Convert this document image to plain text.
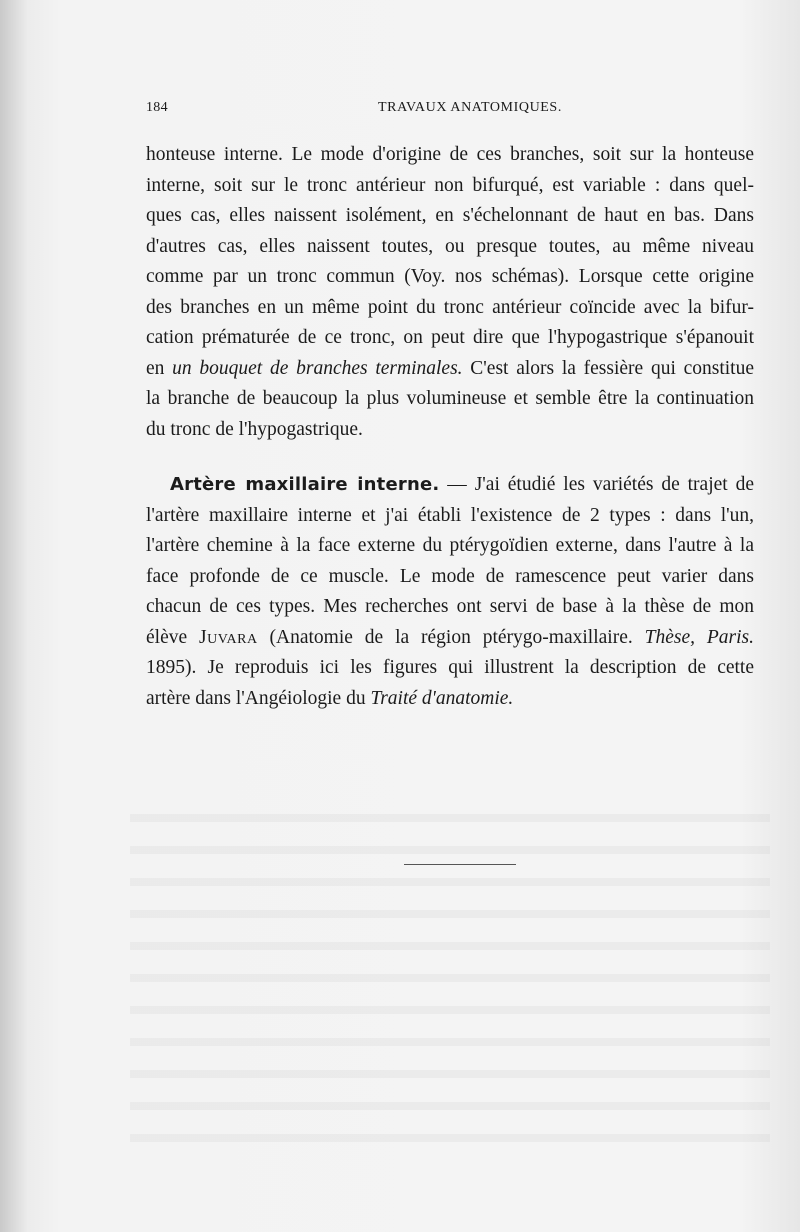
184	TRAVAUX ANATOMIQUES.
honteuse interne. Le mode d'origine de ces branches, soit sur la honteuse
interne, soit sur le tronc antérieur non bifurqué, est variable : dans quel-
ques cas, elles naissent isolément, en s'échelonnant de haut en bas. Dans
d'autres cas, elles naissent toutes, ou presque toutes, au même niveau
comme par un tronc commun (Voy. nos schémas). Lorsque cette origine
des branches en un même point du tronc antérieur coïncide avec la bifur-
cation prématurée de ce tronc, on peut dire que l'hypogastrique s'épanouit
en un bouquet de branches terminales. C'est alors la fessière qui constitue
la branche de beaucoup la plus volumineuse et semble être la continuation
du tronc de l'hypogastrique.
Artère maxillaire interne. — J'ai étudié les variétés de trajet de
l'artère maxillaire interne et j'ai établi l'existence de 2 types : dans l'un,
l'artère chemine à la face externe du ptérygoïdien externe, dans l'autre à la
face profonde de ce muscle. Le mode de ramescence peut varier dans
chacun de ces types. Mes recherches ont servi de base à la thèse de mon
élève Juvara (Anatomie de la région ptérygo-maxillaire. Thèse, Paris.
1895). Je reproduis ici les figures qui illustrent la description de cette
artère dans l'Angéiologie du Traité d'anatomie.
